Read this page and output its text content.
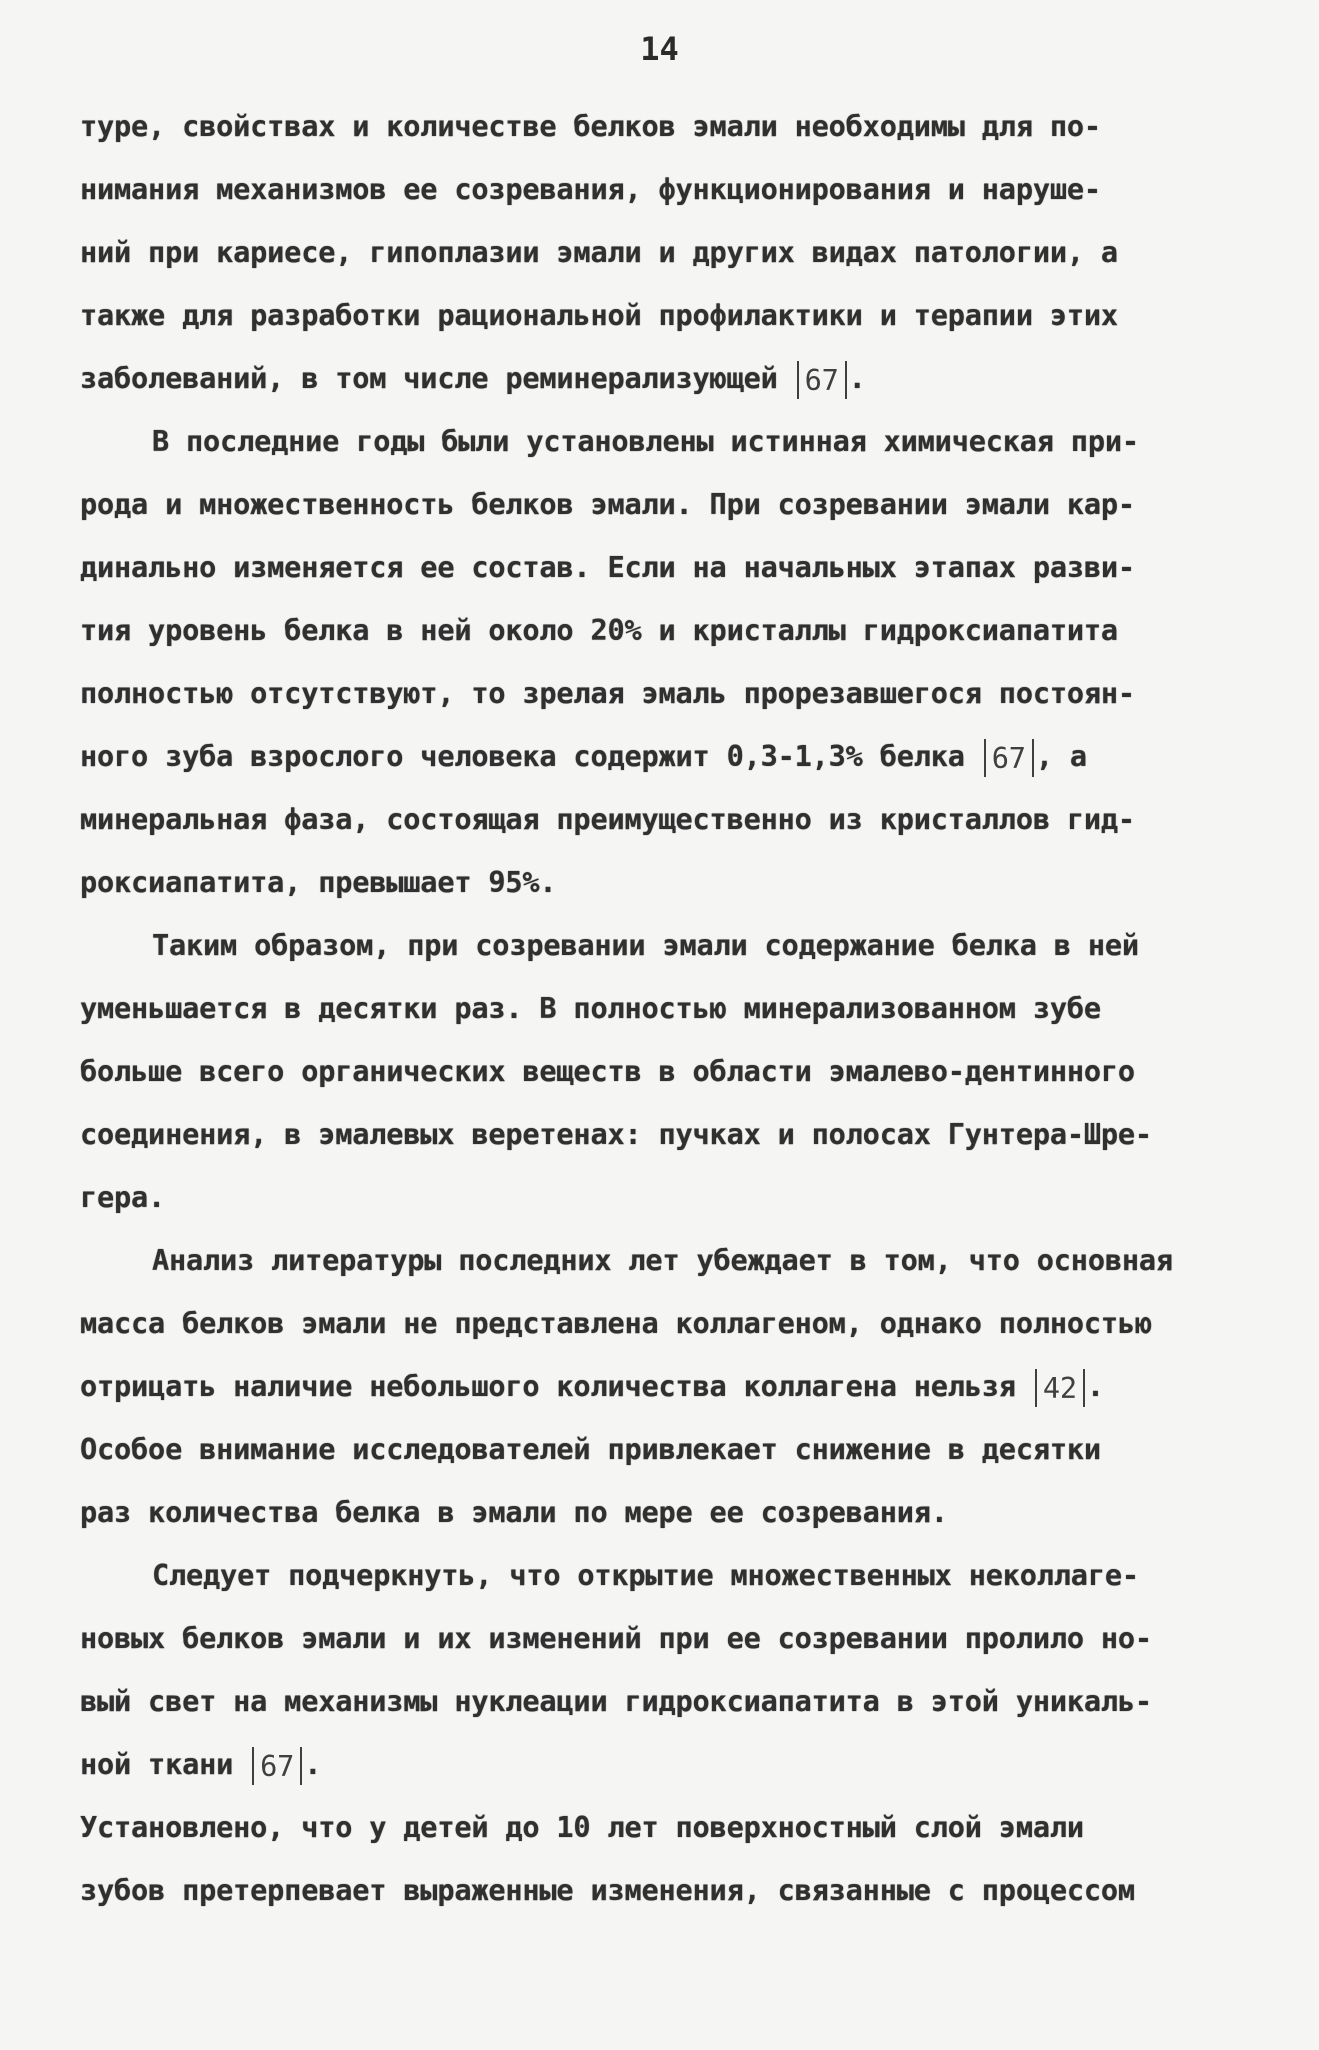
14
туре, свойствах и количестве белков эмали необходимы для по-
нимания механизмов ее созревания, функционирования и наруше-
ний при кариесе, гипоплазии эмали и других видах патологии, а
также для разработки рациональной профилактики и терапии этих
заболеваний, в том числе реминерализующей 67 .
В последние годы были установлены истинная химическая при-
рода и множественность белков эмали. При созревании эмали кар-
динально изменяется ее состав. Если на начальных этапах разви-
тия уровень белка в ней около 20% и кристаллы гидроксиапатита
полностью отсутствуют, то зрелая эмаль прорезавшегося постоян-
ного зуба взрослого человека содержит 0,3-1,3% белка 67 , а
минеральная фаза, состоящая преимущественно из кристаллов гид-
роксиапатита, превышает 95%.
Таким образом, при созревании эмали содержание белка в ней
уменьшается в десятки раз. В полностью минерализованном зубе
больше всего органических веществ в области эмалево-дентинного
соединения, в эмалевых веретенах: пучках и полосах Гунтера-Шре-
гера.
Анализ литературы последних лет убеждает в том, что основная
масса белков эмали не представлена коллагеном, однако полностью
отрицать наличие небольшого количества коллагена нельзя 42 .
Особое внимание исследователей привлекает снижение в десятки
раз количества белка в эмали по мере ее созревания.
Следует подчеркнуть, что открытие множественных неколлаге-
новых белков эмали и их изменений при ее созревании пролило но-
вый свет на механизмы нуклеации гидроксиапатита в этой уникаль-
ной ткани 67 .
Установлено, что у детей до 10 лет поверхностный слой эмали
зубов претерпевает выраженные изменения, связанные с процессом
